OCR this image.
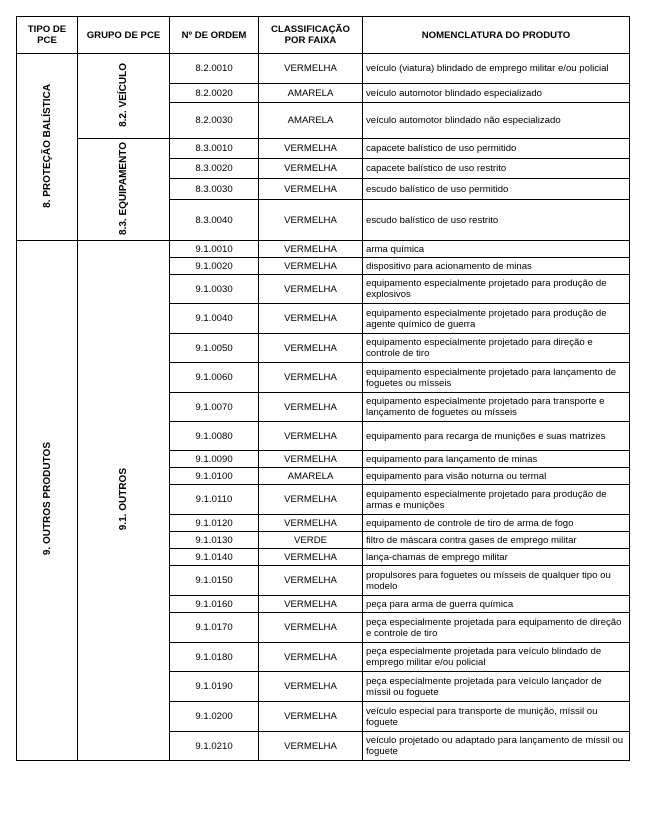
TIPO DE PCE	GRUPO DE PCE	Nº DE ORDEM	CLASSIFICAÇÃO POR FAIXA	NOMENCLATURA DO PRODUTO
8. PROTEÇÃO BALÍSTICA	8.2. VEÍCULO	8.2.0010	VERMELHA	veículo (viatura) blindado de emprego militar e/ou policial
		8.2.0020	AMARELA	veículo automotor blindado especializado
		8.2.0030	AMARELA	veículo automotor blindado não especializado
	8.3. EQUIPAMENTO	8.3.0010	VERMELHA	capacete balístico de uso permitido
		8.3.0020	VERMELHA	capacete balístico de uso restrito
		8.3.0030	VERMELHA	escudo balístico de uso permitido
		8.3.0040	VERMELHA	escudo balístico de uso restrito
9. OUTROS PRODUTOS	9.1. OUTROS	9.1.0010	VERMELHA	arma química
		9.1.0020	VERMELHA	dispositivo para acionamento de minas
		9.1.0030	VERMELHA	equipamento especialmente projetado para produção de explosivos
		9.1.0040	VERMELHA	equipamento especialmente projetado para produção de agente químico de guerra
		9.1.0050	VERMELHA	equipamento especialmente projetado para direção e controle de tiro
		9.1.0060	VERMELHA	equipamento especialmente projetado para lançamento de foguetes ou mísseis
		9.1.0070	VERMELHA	equipamento especialmente projetado para transporte e lançamento de foguetes ou mísseis
		9.1.0080	VERMELHA	equipamento para recarga de munições e suas matrizes
		9.1.0090	VERMELHA	equipamento para lançamento de minas
		9.1.0100	AMARELA	equipamento para visão noturna ou termal
		9.1.0110	VERMELHA	equipamento especialmente projetado para produção de armas e munições
		9.1.0120	VERMELHA	equipamento de controle de tiro de arma de fogo
		9.1.0130	VERDE	filtro de máscara contra gases de emprego militar
		9.1.0140	VERMELHA	lança-chamas de emprego militar
		9.1.0150	VERMELHA	propulsores para foguetes ou mísseis de qualquer tipo ou modelo
		9.1.0160	VERMELHA	peça para arma de guerra química
		9.1.0170	VERMELHA	peça especialmente projetada para equipamento de direção e controle de tiro
		9.1.0180	VERMELHA	peça especialmente projetada para veículo blindado de emprego militar e/ou policial
		9.1.0190	VERMELHA	peça especialmente projetada para veículo lançador de míssil ou foguete
		9.1.0200	VERMELHA	veículo especial para transporte de munição, míssil ou foguete
		9.1.0210	VERMELHA	veículo projetado ou adaptado para lançamento de míssil ou foguete
